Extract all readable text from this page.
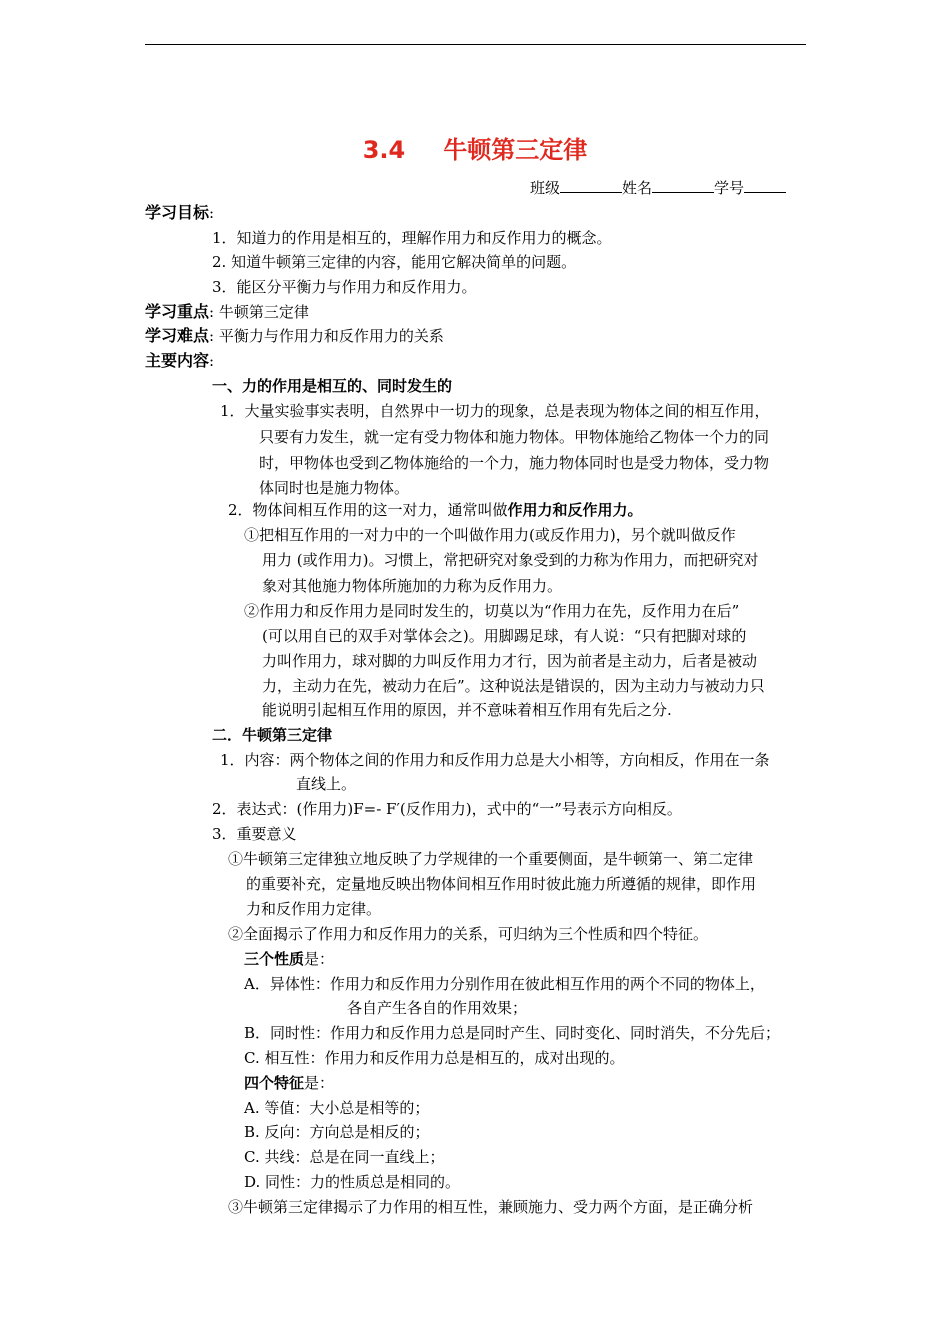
3.4 牛顿第三定律
班级	姓名	学号
学习目标:
1．知道力的作用是相互的，理解作用力和反作用力的概念。
2. 知道牛顿第三定律的内容，能用它解决简单的问题。
3．能区分平衡力与作用力和反作用力。
学习重点: 牛顿第三定律
学习难点: 平衡力与作用力和反作用力的关系
主要内容:
一、力的作用是相互的、同时发生的
1．大量实验事实表明，自然界中一切力的现象，总是表现为物体之间的相互作用，
只要有力发生，就一定有受力物体和施力物体。甲物体施给乙物体一个力的同
时，甲物体也受到乙物体施给的一个力，施力物体同时也是受力物体，受力物
体同时也是施力物体。
2．物体间相互作用的这一对力，通常叫做作用力和反作用力。
①把相互作用的一对力中的一个叫做作用力(或反作用力)，另个就叫做反作
用力 (或作用力)。习惯上，常把研究对象受到的力称为作用力，而把研究对
象对其他施力物体所施加的力称为反作用力。
②作用力和反作用力是同时发生的，切莫以为“作用力在先，反作用力在后”
(可以用自已的双手对掌体会之)。用脚踢足球，有人说：“只有把脚对球的
力叫作用力，球对脚的力叫反作用力才行，因为前者是主动力，后者是被动
力，主动力在先，被动力在后”。这种说法是错误的，因为主动力与被动力只
能说明引起相互作用的原因，并不意味着相互作用有先后之分.
二．牛顿第三定律
1．内容：两个物体之间的作用力和反作用力总是大小相等，方向相反，作用在一条
直线上。
2．表达式：(作用力)F=- F′(反作用力)，式中的“一”号表示方向相反。
3．重要意义
①牛顿第三定律独立地反映了力学规律的一个重要侧面，是牛顿第一、第二定律
的重要补充，定量地反映出物体间相互作用时彼此施力所遵循的规律，即作用
力和反作用力定律。
②全面揭示了作用力和反作用力的关系，可归纳为三个性质和四个特征。
三个性质是：
A．异体性：作用力和反作用力分别作用在彼此相互作用的两个不同的物体上，
各自产生各自的作用效果；
B．同时性：作用力和反作用力总是同时产生、同时变化、同时消失，不分先后；
C. 相互性：作用力和反作用力总是相互的，成对出现的。
四个特征是：
A. 等值：大小总是相等的；
B. 反向：方向总是相反的；
C. 共线：总是在同一直线上；
D. 同性：力的性质总是相同的。
③牛顿第三定律揭示了力作用的相互性，兼顾施力、受力两个方面，是正确分析
